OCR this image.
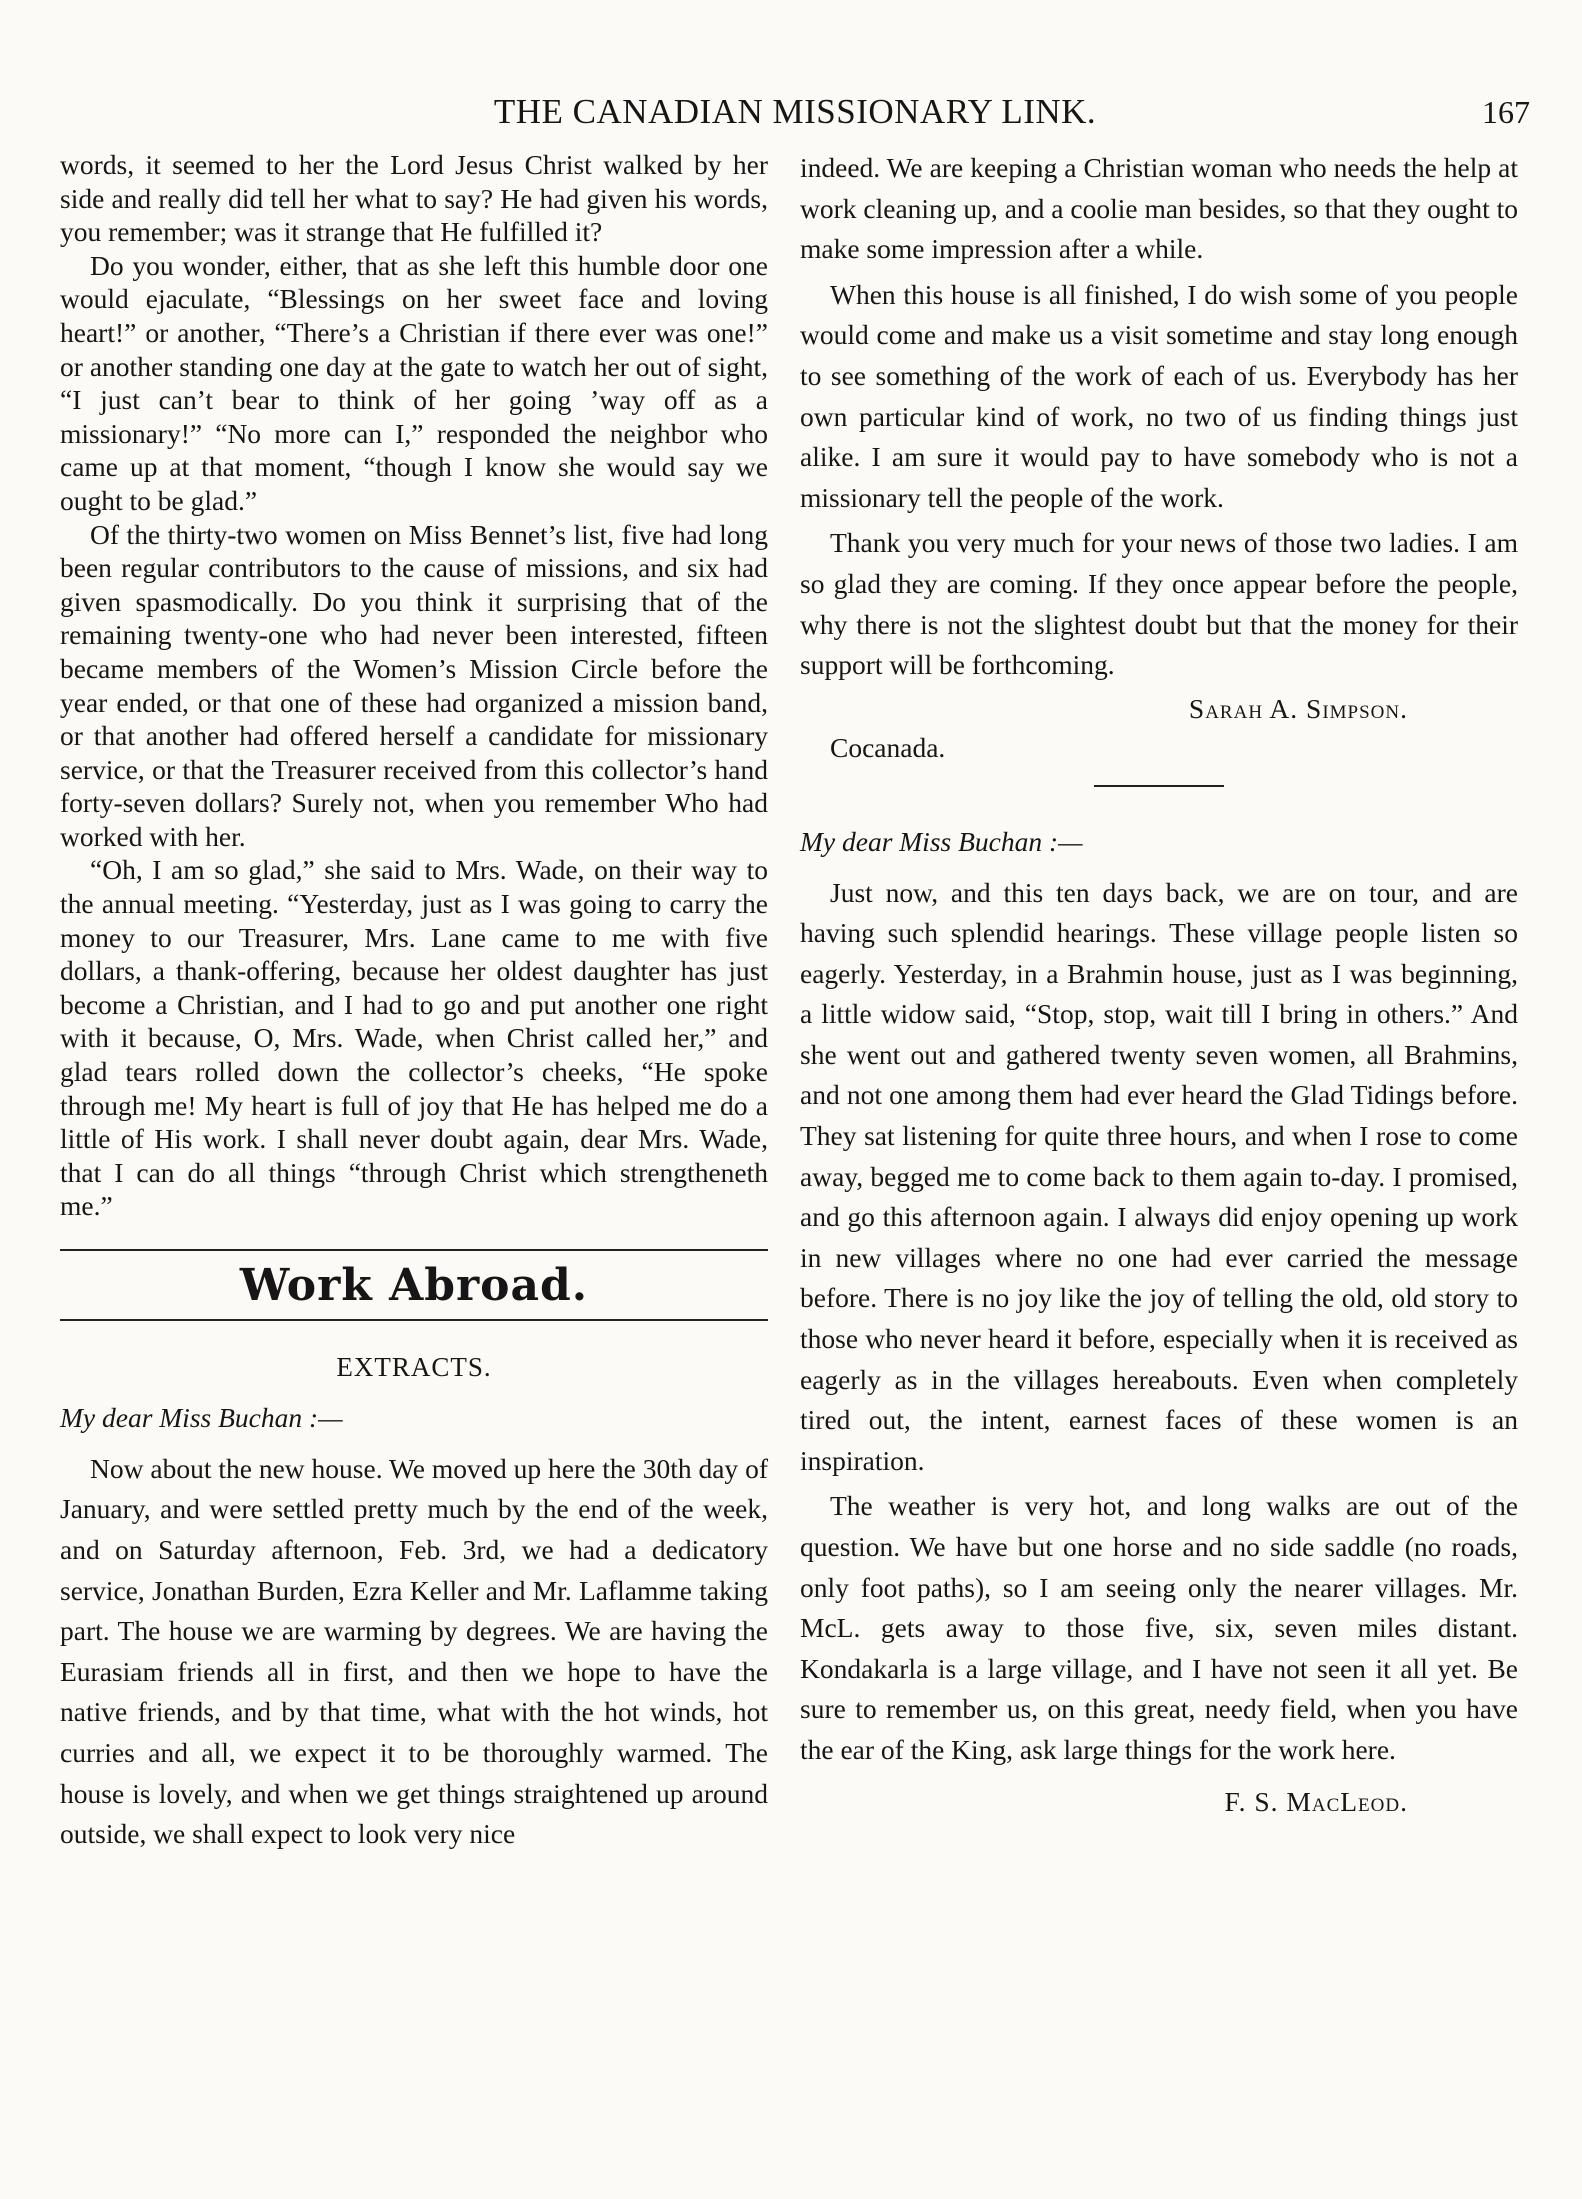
THE CANADIAN MISSIONARY LINK.	167

words, it seemed to her the Lord Jesus Christ walked by her side and really did tell her what to say? He had given his words, you remember; was it strange that He fulfilled it?

Do you wonder, either, that as she left this humble door one would ejaculate, “Blessings on her sweet face and loving heart!” or another, “There’s a Christian if there ever was one!” or another standing one day at the gate to watch her out of sight, “I just can’t bear to think of her going ’way off as a missionary!” “No more can I,” responded the neighbor who came up at that moment, “though I know she would say we ought to be glad.”

Of the thirty-two women on Miss Bennet’s list, five had long been regular contributors to the cause of missions, and six had given spasmodically. Do you think it surprising that of the remaining twenty-one who had never been interested, fifteen became members of the Women’s Mission Circle before the year ended, or that one of these had organized a mission band, or that another had offered herself a candidate for missionary service, or that the Treasurer received from this collector’s hand forty-seven dollars? Surely not, when you remember Who had worked with her.

“Oh, I am so glad,” she said to Mrs. Wade, on their way to the annual meeting. “Yesterday, just as I was going to carry the money to our Treasurer, Mrs. Lane came to me with five dollars, a thank-offering, because her oldest daughter has just become a Christian, and I had to go and put another one right with it because, O, Mrs. Wade, when Christ called her,” and glad tears rolled down the collector’s cheeks, “He spoke through me! My heart is full of joy that He has helped me do a little of His work. I shall never doubt again, dear Mrs. Wade, that I can do all things “through Christ which strengtheneth me.”

Work Abroad.
EXTRACTS.

My dear Miss Buchan :—

Now about the new house. We moved up here the 30th day of January, and were settled pretty much by the end of the week, and on Saturday afternoon, Feb. 3rd, we had a dedicatory service, Jonathan Burden, Ezra Keller and Mr. Laflamme taking part. The house we are warming by degrees. We are having the Eurasiam friends all in first, and then we hope to have the native friends, and by that time, what with the hot winds, hot curries and all, we expect it to be thoroughly warmed. The house is lovely, and when we get things straightened up around outside, we shall expect to look very nice

indeed. We are keeping a Christian woman who needs the help at work cleaning up, and a coolie man besides, so that they ought to make some impression after a while.

When this house is all finished, I do wish some of you people would come and make us a visit sometime and stay long enough to see something of the work of each of us. Everybody has her own particular kind of work, no two of us finding things just alike. I am sure it would pay to have somebody who is not a missionary tell the people of the work.

Thank you very much for your news of those two ladies. I am so glad they are coming. If they once appear before the people, why there is not the slightest doubt but that the money for their support will be forthcoming.

Sarah A. Simpson.

Cocanada.

My dear Miss Buchan :—

Just now, and this ten days back, we are on tour, and are having such splendid hearings. These village people listen so eagerly. Yesterday, in a Brahmin house, just as I was beginning, a little widow said, “Stop, stop, wait till I bring in others.” And she went out and gathered twenty seven women, all Brahmins, and not one among them had ever heard the Glad Tidings before. They sat listening for quite three hours, and when I rose to come away, begged me to come back to them again to-day. I promised, and go this afternoon again. I always did enjoy opening up work in new villages where no one had ever carried the message before. There is no joy like the joy of telling the old, old story to those who never heard it before, especially when it is received as eagerly as in the villages hereabouts. Even when completely tired out, the intent, earnest faces of these women is an inspiration.

The weather is very hot, and long walks are out of the question. We have but one horse and no side saddle (no roads, only foot paths), so I am seeing only the nearer villages. Mr. McL. gets away to those five, six, seven miles distant. Kondakarla is a large village, and I have not seen it all yet. Be sure to remember us, on this great, needy field, when you have the ear of the King, ask large things for the work here.

F. S. MacLeod.
